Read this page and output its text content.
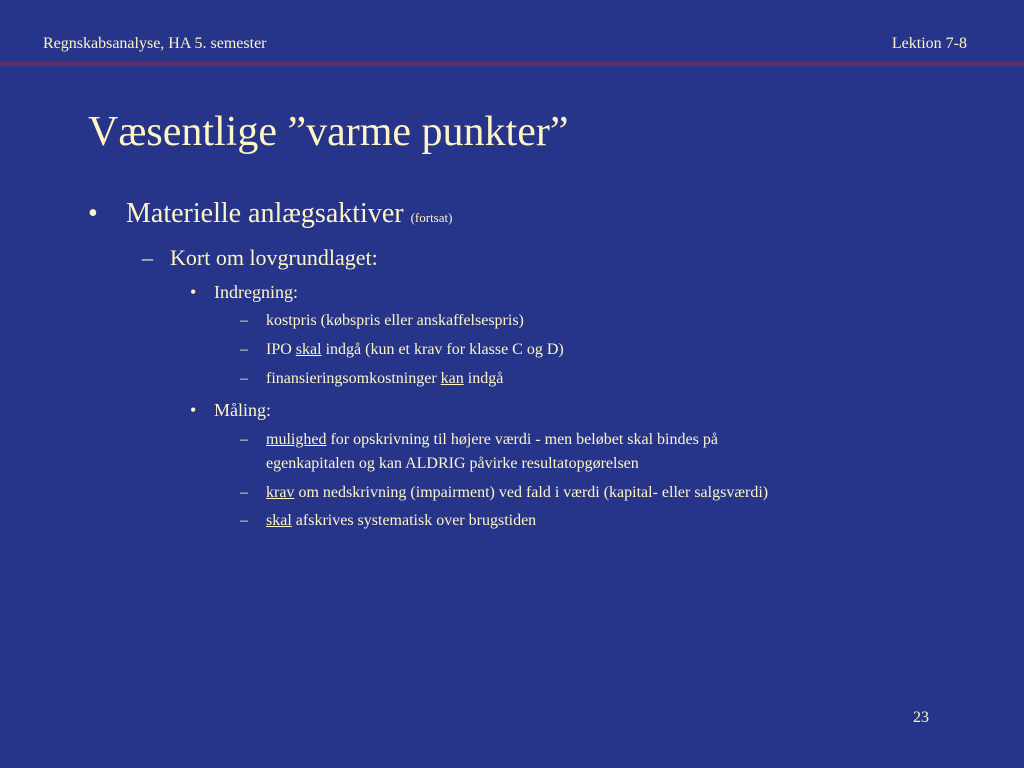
Regnskabsanalyse, HA 5. semester	Lektion 7-8
Væsentlige ”varme punkter”
• Materielle anlægsaktiver (fortsat)
– Kort om lovgrundlaget:
• Indregning:
– kostpris (købspris eller anskaffelsespris)
– IPO skal indgå (kun et krav for klasse C og D)
– finansieringsomkostninger kan indgå
• Måling:
– mulighed for opskrivning til højere værdi - men beløbet skal bindes på
egenkapitalen og kan ALDRIG påvirke resultatopgørelsen
– krav om nedskrivning (impairment) ved fald i værdi (kapital- eller salgsværdi)
– skal afskrives systematisk over brugstiden
23
